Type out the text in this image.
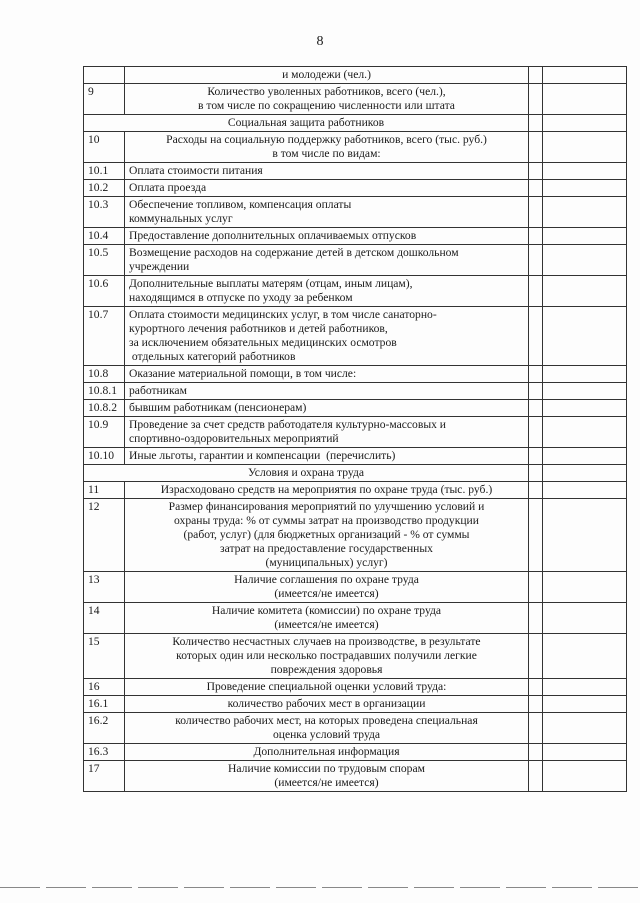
8

	и молодежи (чел.)		

9	Количество уволенных работников, всего (чел.),
в том числе по сокращению численности или штата		

Социальная защита работников			
10	Расходы на социальную поддержку работников, всего (тыс. руб.)
в том числе по видам:		

10.1	Оплата стоимости питания		

10.2	Оплата проезда		

10.3	Обеспечение топливом, компенсация оплаты
коммунальных услуг		

10.4	Предоставление дополнительных оплачиваемых отпусков		

10.5	Возмещение расходов на содержание детей в детском дошкольном
учреждении		

10.6	Дополнительные выплаты матерям (отцам, иным лицам),
находящимся в отпуске по уходу за ребенком		

10.7	Оплата стоимости медицинских услуг, в том числе санаторно-
курортного лечения работников и детей работников,
за исключением обязательных медицинских осмотров
отдельных категорий работников		

10.8	Оказание материальной помощи, в том числе:		

10.8.1	работникам		

10.8.2	бывшим работникам (пенсионерам)		

10.9	Проведение за счет средств работодателя культурно-массовых и
спортивно-оздоровительных мероприятий		

10.10	Иные льготы, гарантии и компенсации  (перечислить)		

Условия и охрана труда			
11	Израсходовано средств на мероприятия по охране труда (тыс. руб.)		

12	Размер финансирования мероприятий по улучшению условий и
охраны труда: % от суммы затрат на производство продукции
(работ, услуг) (для бюджетных организаций - % от суммы
затрат на предоставление государственных
(муниципальных) услуг)		

13	Наличие соглашения по охране труда
(имеется/не имеется)		

14	Наличие комитета (комиссии) по охране труда
(имеется/не имеется)		

15	Количество несчастных случаев на производстве, в результате
которых один или несколько пострадавших получили легкие
повреждения здоровья		

16	Проведение специальной оценки условий труда:		

16.1	количество рабочих мест в организации		

16.2	количество рабочих мест, на которых проведена специальная
оценка условий труда		

16.3	Дополнительная информация		

17	Наличие комиссии по трудовым спорам
(имеется/не имеется)		
